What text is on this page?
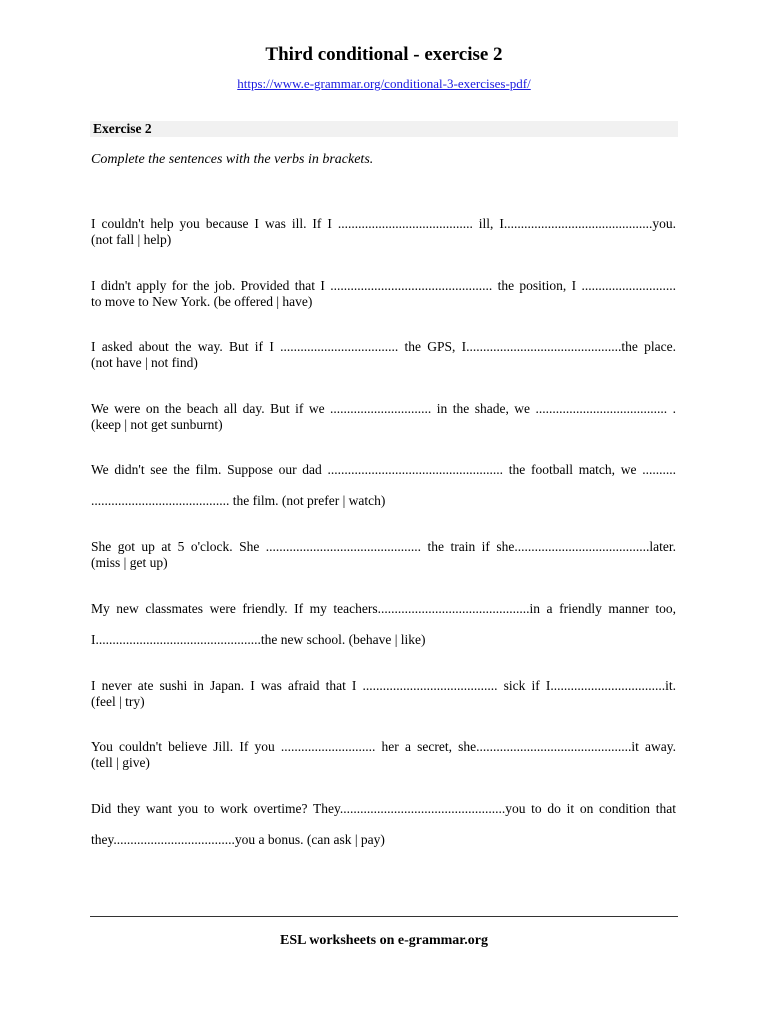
Third conditional - exercise 2
https://www.e-grammar.org/conditional-3-exercises-pdf/
Exercise 2
Complete the sentences with the verbs in brackets.
I couldn't help you because I was ill. If I ........................................ ill, I............................................you.
(not fall | help)
I didn't apply for the job. Provided that I ................................................ the position, I ............................
to move to New York. (be offered | have)
I asked about the way. But if I ................................... the GPS, I..............................................the place.
(not have | not find)
We were on the beach all day. But if we .............................. in the shade, we ....................................... .
(keep | not get sunburnt)
We didn't see the film. Suppose our dad .................................................... the football match, we ..........
......................................... the film. (not prefer | watch)
She got up at 5 o'clock. She .............................................. the train if she........................................later.
(miss | get up)
My new classmates were friendly. If my teachers.............................................in a friendly manner too,
I.................................................the new school. (behave | like)
I never ate sushi in Japan. I was afraid that I ........................................ sick if I..................................it.
(feel | try)
You couldn't believe Jill. If you ............................ her a secret, she..............................................it away.
(tell | give)
Did they want you to work overtime? They.................................................you to do it on condition that
they....................................you a bonus. (can ask | pay)
ESL worksheets on e-grammar.org
